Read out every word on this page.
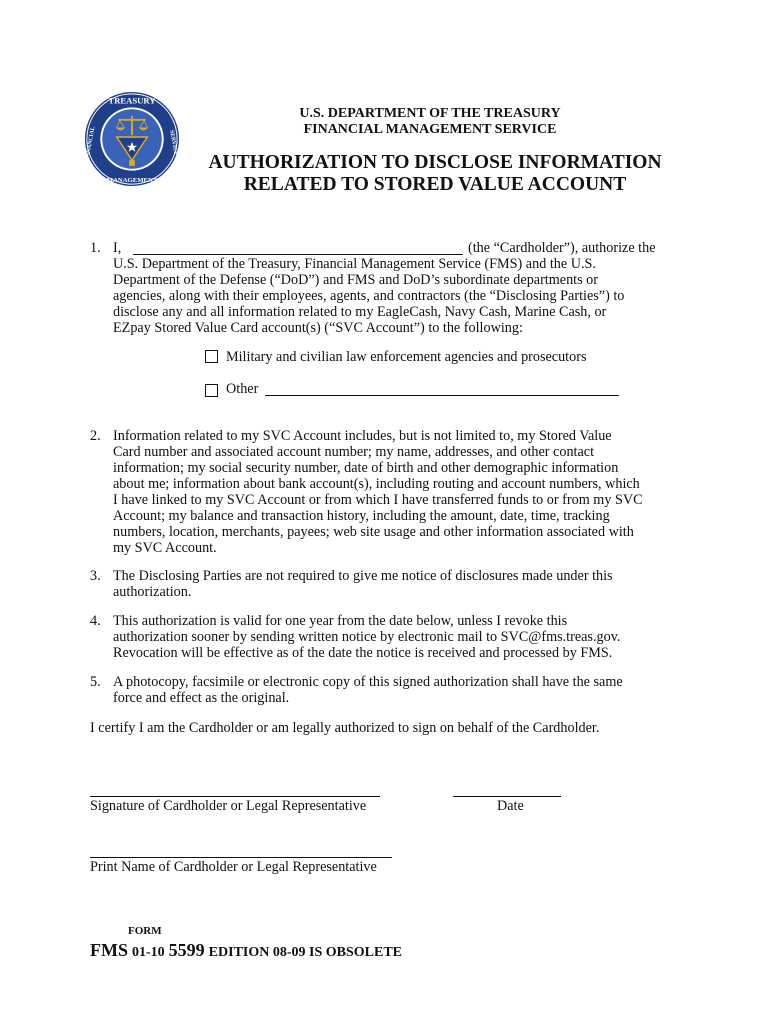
TREASURY
MANAGEMENT
FINANCIAL	SERVICE
U.S. DEPARTMENT OF THE TREASURY
FINANCIAL MANAGEMENT SERVICE
AUTHORIZATION TO DISCLOSE INFORMATION
RELATED TO STORED VALUE ACCOUNT
1. I,	(the “Cardholder”), authorize the
U.S. Department of the Treasury, Financial Management Service (FMS) and the U.S.
Department of the Defense (“DoD”) and FMS and DoD’s subordinate departments or
agencies, along with their employees, agents, and contractors (the “Disclosing Parties”) to
disclose any and all information related to my EagleCash, Navy Cash, Marine Cash, or
EZpay Stored Value Card account(s) (“SVC Account”) to the following:
Military and civilian law enforcement agencies and prosecutors
Other
2. Information related to my SVC Account includes, but is not limited to, my Stored Value
Card number and associated account number; my name, addresses, and other contact
information; my social security number, date of birth and other demographic information
about me; information about bank account(s), including routing and account numbers, which
I have linked to my SVC Account or from which I have transferred funds to or from my SVC
Account; my balance and transaction history, including the amount, date, time, tracking
numbers, location, merchants, payees; web site usage and other information associated with
my SVC Account.
3. The Disclosing Parties are not required to give me notice of disclosures made under this
authorization.
4. This authorization is valid for one year from the date below, unless I revoke this
authorization sooner by sending written notice by electronic mail to SVC@fms.treas.gov.
Revocation will be effective as of the date the notice is received and processed by FMS.
5. A photocopy, facsimile or electronic copy of this signed authorization shall have the same
force and effect as the original.
I certify I am the Cardholder or am legally authorized to sign on behalf of the Cardholder.
Signature of Cardholder or Legal Representative	Date
Print Name of Cardholder or Legal Representative
FORM
FMS 01-10 5599 EDITION 08-09 IS OBSOLETE
